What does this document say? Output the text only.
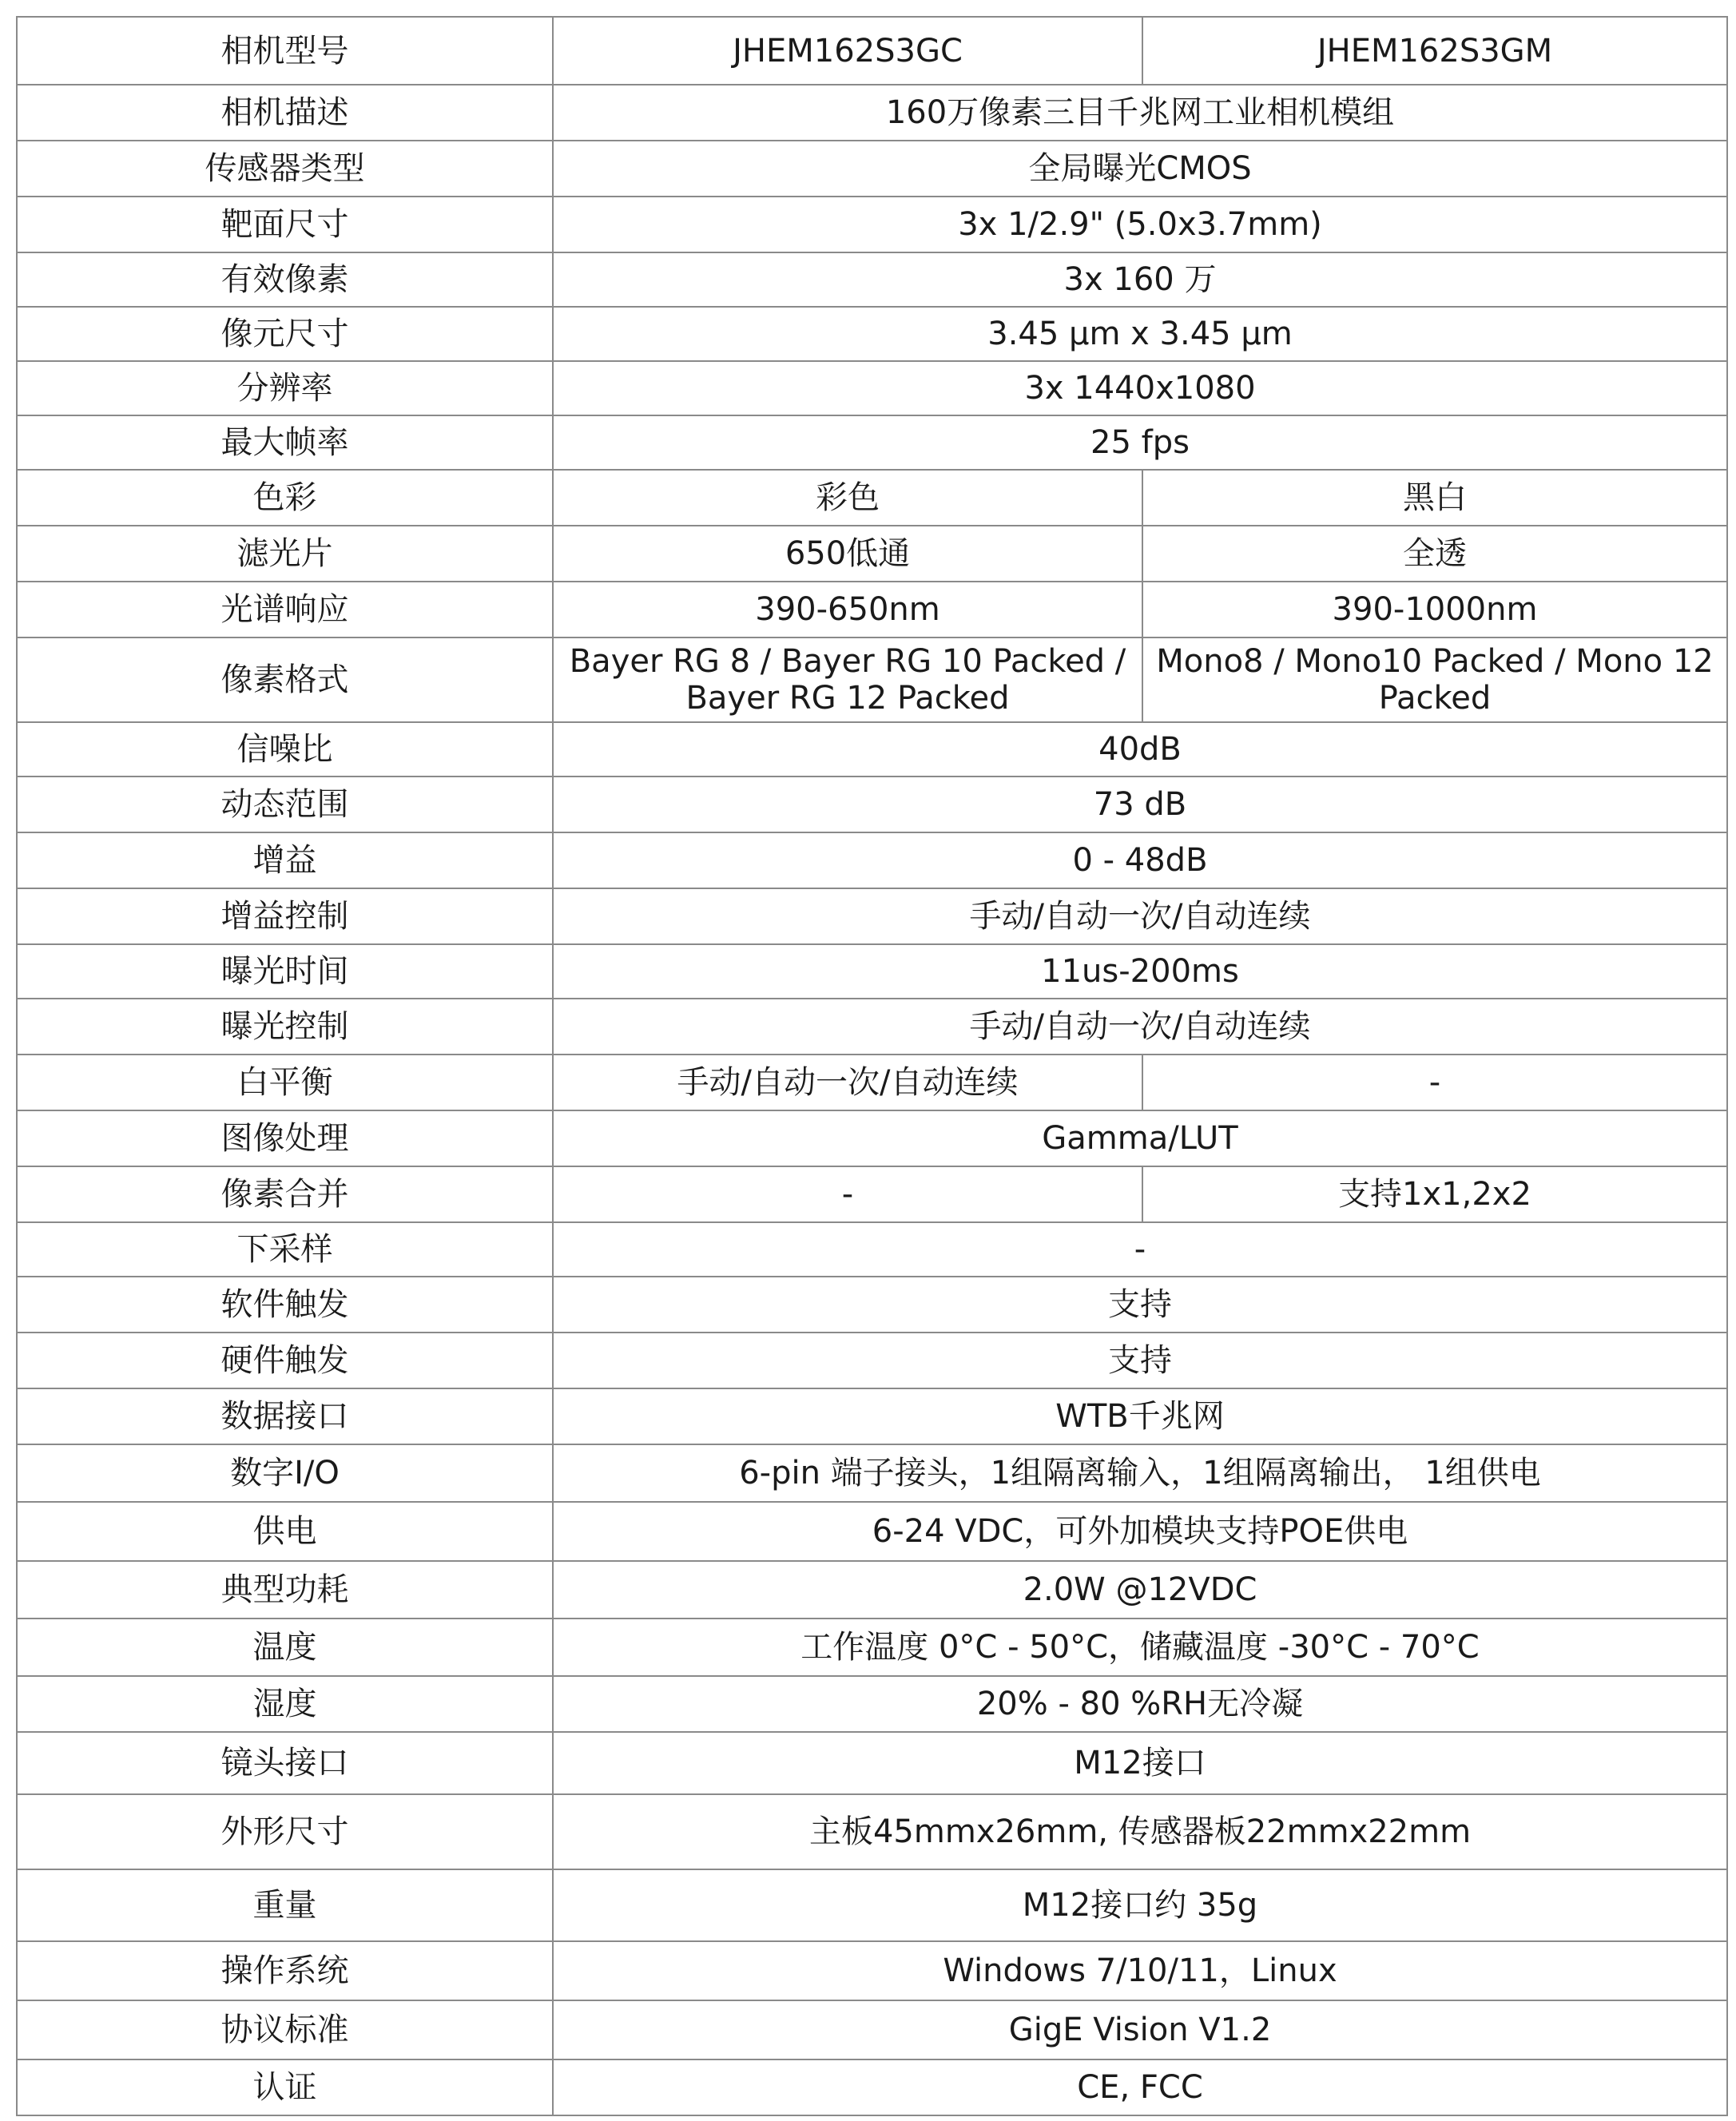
相机型号	JHEM162S3GC	JHEM162S3GM
相机描述	160万像素三目千兆网工业相机模组	
传感器类型	全局曝光CMOS	
靶面尺寸	3x 1/2.9" (5.0x3.7mm)	
有效像素	3x 160 万	
像元尺寸	3.45 µm x 3.45 µm	
分辨率	3x 1440x1080	
最大帧率	25 fps	
色彩	彩色	黑白
滤光片	650低通	全透
光谱响应	390-650nm	390-1000nm
像素格式	Bayer RG 8 / Bayer RG 10 Packed / Bayer RG 12 Packed	Mono8 / Mono10 Packed / Mono 12 Packed
信噪比	40dB	
动态范围	73 dB	
增益	0 - 48dB	
增益控制	手动/自动一次/自动连续	
曝光时间	11us-200ms	
曝光控制	手动/自动一次/自动连续	
白平衡	手动/自动一次/自动连续	-
图像处理	Gamma/LUT	
像素合并	-	支持1x1,2x2
下采样	-	
软件触发	支持	
硬件触发	支持	
数据接口	WTB千兆网	
数字I/O	6-pin 端子接头，1组隔离输入，1组隔离输出， 1组供电	
供电	6-24 VDC，可外加模块支持POE供电	
典型功耗	2.0W @12VDC	
温度	工作温度 0°C - 50°C，储藏温度 -30°C - 70°C	
湿度	20% - 80 %RH无冷凝	
镜头接口	M12接口	
外形尺寸	主板45mmx26mm, 传感器板22mmx22mm	
重量	M12接口约 35g	
操作系统	Windows 7/10/11，Linux	
协议标准	GigE Vision V1.2	
认证	CE, FCC	
